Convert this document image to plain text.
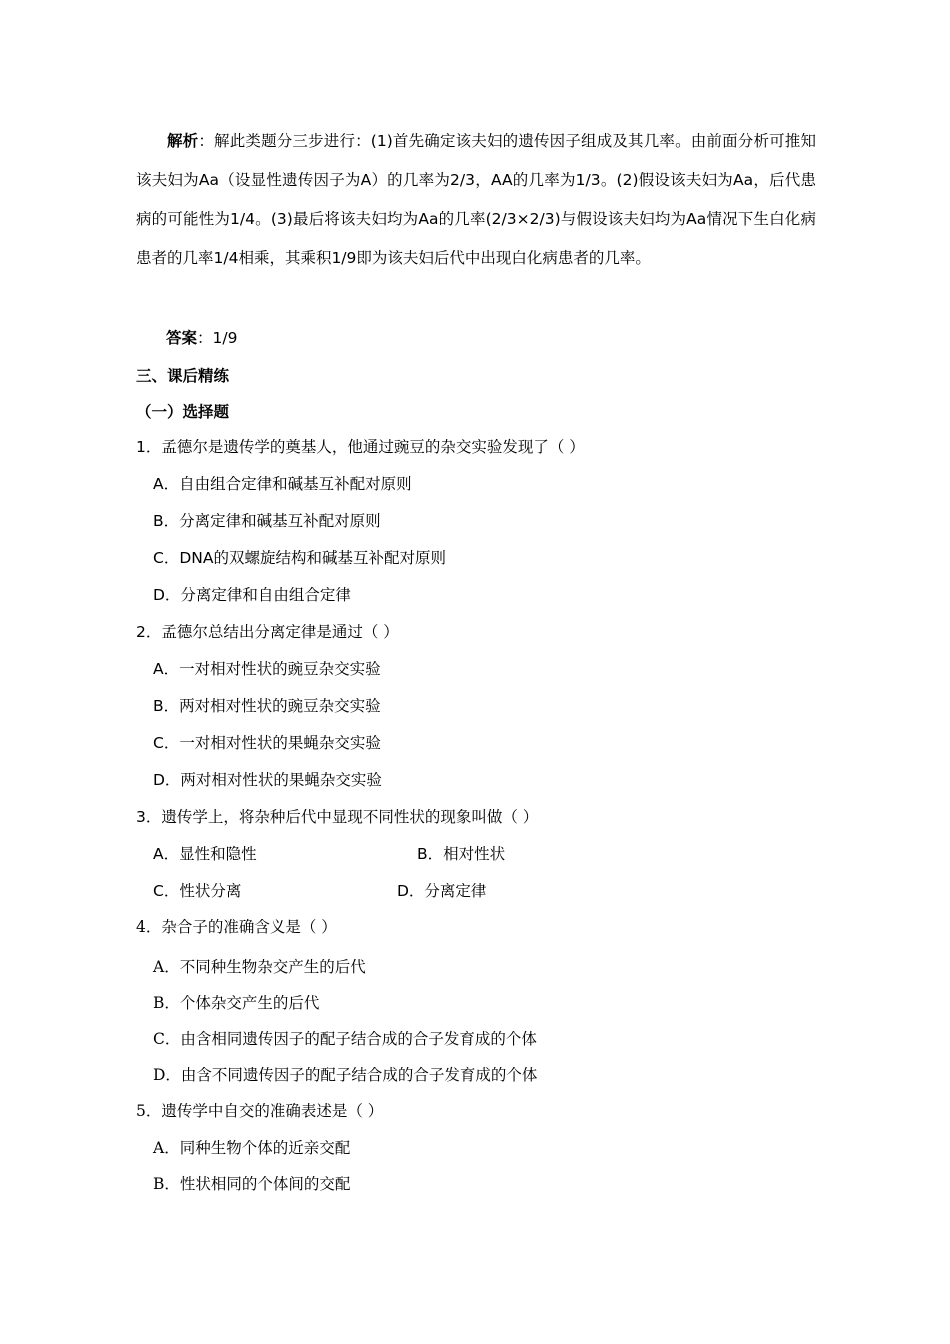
解析：解此类题分三步进行：(1)首先确定该夫妇的遗传因子组成及其几率。由前面分析可推知该夫妇为Aa（设显性遗传因子为A）的几率为2/3，AA的几率为1/3。(2)假设该夫妇为Aa，后代患病的可能性为1/4。(3)最后将该夫妇均为Aa的几率(2/3×2/3)与假设该夫妇均为Aa情况下生白化病患者的几率1/4相乘，其乘积1/9即为该夫妇后代中出现白化病患者的几率。
答案：1/9
三、课后精练
（一）选择题
1．孟德尔是遗传学的奠基人，他通过豌豆的杂交实验发现了（ ）
A．自由组合定律和碱基互补配对原则
B．分离定律和碱基互补配对原则
C．DNA的双螺旋结构和碱基互补配对原则
D．分离定律和自由组合定律
2．孟德尔总结出分离定律是通过（ ）
A．一对相对性状的豌豆杂交实验
B．两对相对性状的豌豆杂交实验
C．一对相对性状的果蝇杂交实验
D．两对相对性状的果蝇杂交实验
3．遗传学上，将杂种后代中显现不同性状的现象叫做（ ）
A．显性和隐性	B．相对性状
C．性状分离	D．分离定律
4．杂合子的准确含义是（ ）
A．不同种生物杂交产生的后代
B．个体杂交产生的后代
C．由含相同遗传因子的配子结合成的合子发育成的个体
D．由含不同遗传因子的配子结合成的合子发育成的个体
5．遗传学中自交的准确表述是（ ）
A．同种生物个体的近亲交配
B．性状相同的个体间的交配
